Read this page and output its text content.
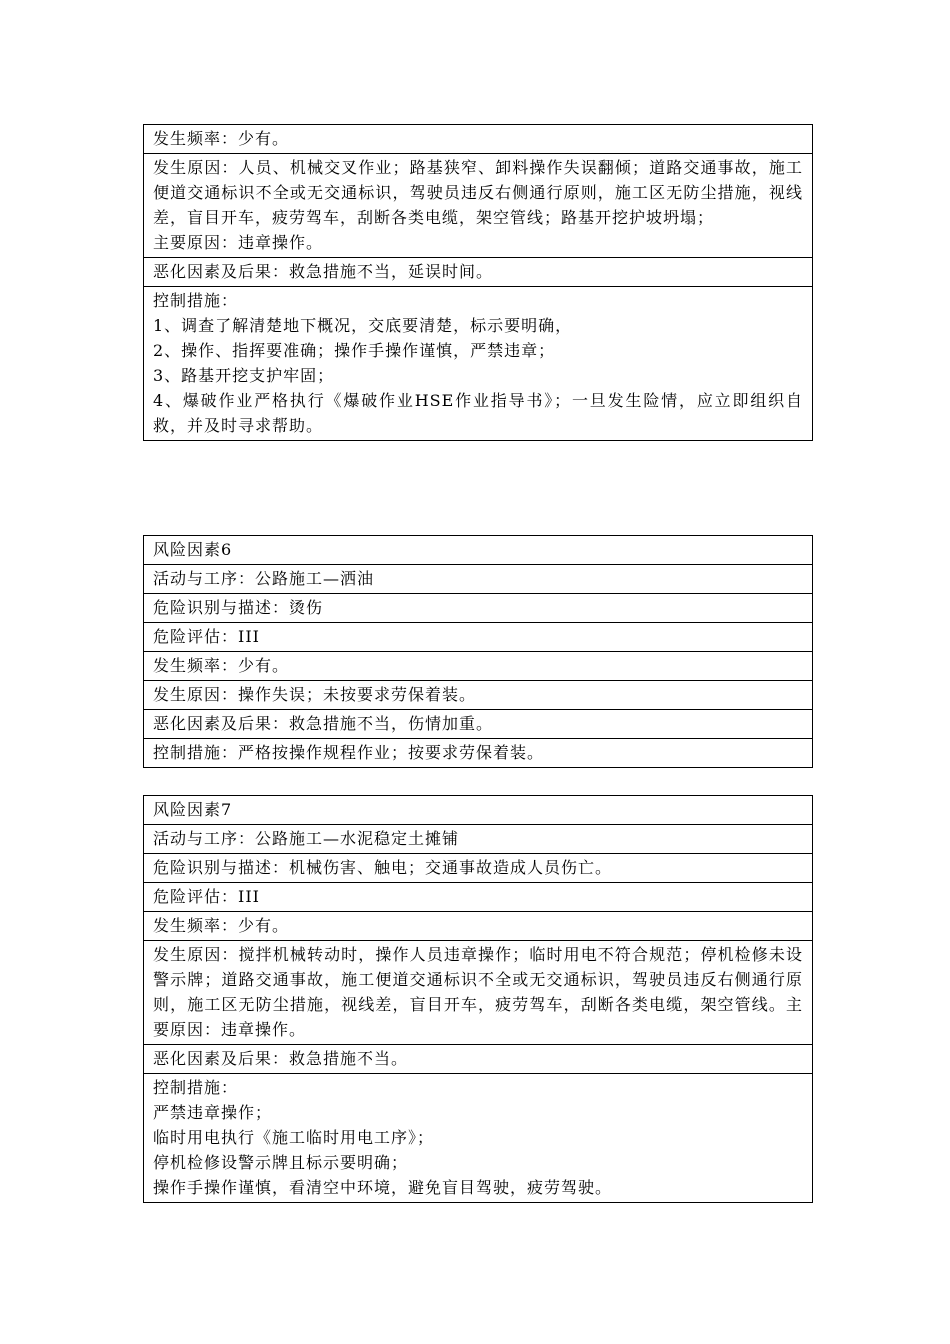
发生频率：少有。

发生原因：人员、机械交叉作业；路基狭窄、卸料操作失误翻倾；道路交通事故，施工便道交通标识不全或无交通标识，驾驶员违反右侧通行原则，施工区无防尘措施，视线差，盲目开车，疲劳驾车，刮断各类电缆，架空管线；路基开挖护坡坍塌；
主要原因：违章操作。

恶化因素及后果：救急措施不当，延误时间。

控制措施：
1、调查了解清楚地下概况，交底要清楚，标示要明确，
2、操作、指挥要准确；操作手操作谨慎，严禁违章；
3、路基开挖支护牢固；
4、爆破作业严格执行《爆破作业HSE作业指导书》；一旦发生险情，应立即组织自救，并及时寻求帮助。
风险因素6
活动与工序：公路施工—洒油
危险识别与描述：烫伤
危险评估：III
发生频率：少有。
发生原因：操作失误；未按要求劳保着装。
恶化因素及后果：救急措施不当，伤情加重。
控制措施：严格按操作规程作业；按要求劳保着装。
风险因素7
活动与工序：公路施工—水泥稳定土摊铺
危险识别与描述：机械伤害、触电；交通事故造成人员伤亡。
危险评估：III
发生频率：少有。
发生原因：搅拌机械转动时，操作人员违章操作；临时用电不符合规范；停机检修未设警示牌；道路交通事故，施工便道交通标识不全或无交通标识，驾驶员违反右侧通行原则，施工区无防尘措施，视线差，盲目开车，疲劳驾车，刮断各类电缆，架空管线。主要原因：违章操作。
恶化因素及后果：救急措施不当。

控制措施：
严禁违章操作；
临时用电执行《施工临时用电工序》；
停机检修设警示牌且标示要明确；
操作手操作谨慎，看清空中环境，避免盲目驾驶，疲劳驾驶。
